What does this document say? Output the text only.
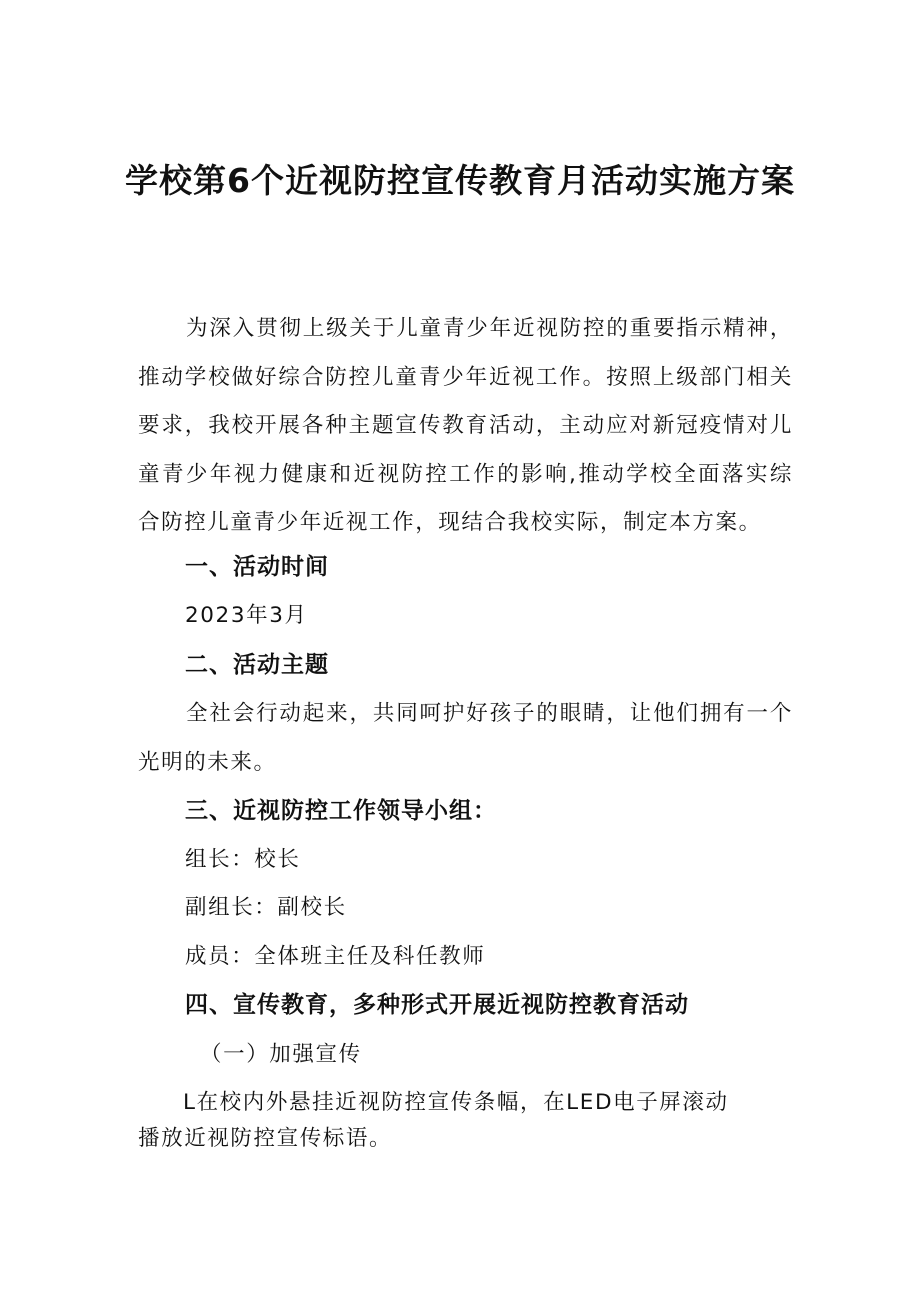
学校第6个近视防控宣传教育月活动实施方案
为深入贯彻上级关于儿童青少年近视防控的重要指示精神，推动学校做好综合防控儿童青少年近视工作。按照上级部门相关要求，我校开展各种主题宣传教育活动，主动应对新冠疫情对儿童青少年视力健康和近视防控工作的影响,推动学校全面落实综合防控儿童青少年近视工作，现结合我校实际，制定本方案。
一、活动时间
2023年3月
二、活动主题
全社会行动起来，共同呵护好孩子的眼睛，让他们拥有一个光明的未来。
三、近视防控工作领导小组：
组长：校长
副组长：副校长
成员：全体班主任及科任教师
四、宣传教育，多种形式开展近视防控教育活动
（一）加强宣传
L在校内外悬挂近视防控宣传条幅，在LED电子屏滚动
播放近视防控宣传标语。
